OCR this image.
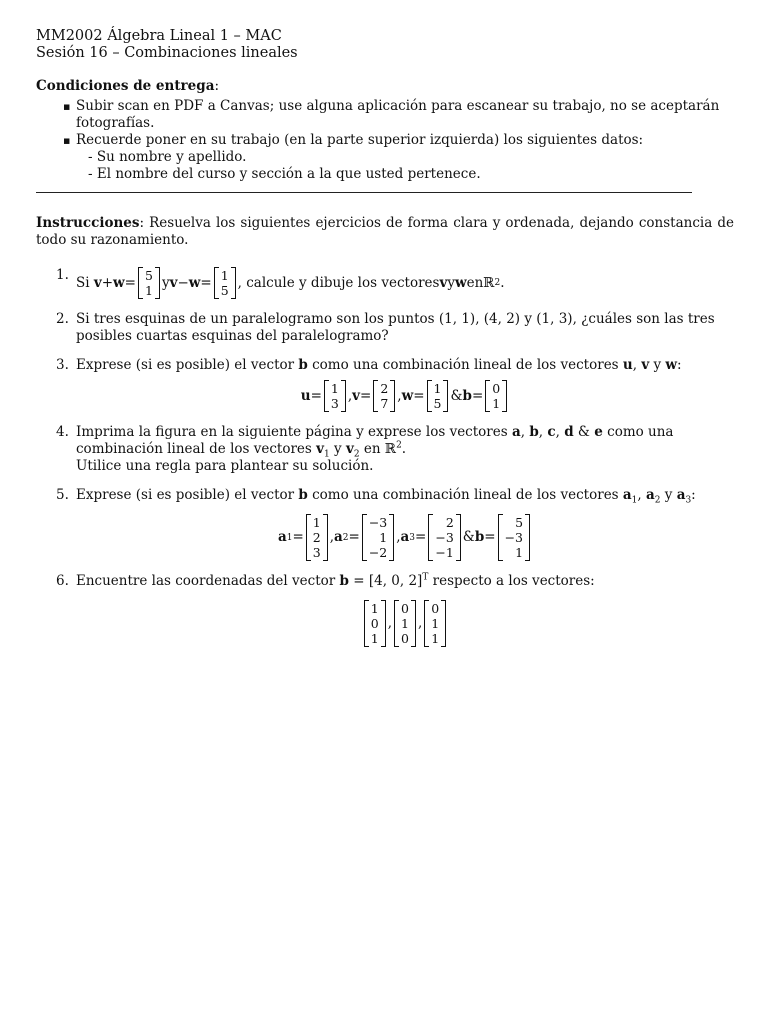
MM2002 Álgebra Lineal 1 – MAC
Sesión 16 – Combinaciones lineales
Condiciones de entrega:
▪ Subir scan en PDF a Canvas; use alguna aplicación para escanear su trabajo, no se aceptarán fotografías.
▪ Recuerde poner en su trabajo (en la parte superior izquierda) los siguientes datos:
- Su nombre y apellido.
- El nombre del curso y sección a la que usted pertenece.
Instrucciones: Resuelva los siguientes ejercicios de forma clara y ordenada, dejando constancia de todo su razonamiento.
1. Si
v + w = 5
1 y v − w = 1
5 , calcule y dibuje los vectores v y w en ℝ 2 .
2. Si tres esquinas de un paralelogramo son los puntos (1, 1), (4, 2) y (1, 3), ¿cuáles son las tres posibles cuartas esquinas del paralelogramo?
3. Exprese (si es posible) el vector b como una combinación lineal de los vectores u, v y w:
u = 1
3 , v = 2
7 , w = 1
5 & b = 0
1
4. Imprima la figura en la siguiente página y exprese los vectores a, b, c, d & e como una combinación lineal de los vectores $v_1$ y $v_2$ en ℝ$^2$.
Utilice una regla para plantear su solución.
5. Exprese (si es posible) el vector b como una combinación lineal de los vectores $a_1$, $a_2$ y $a_3$:
a 1 =
1
2
3
, a 2 =
−3
1
−2
, a 3 =
2
−3
−1
& b =
5
−3
1
6. Encuentre las coordenadas del vector b = [4, 0, 2]$^T$ respecto a los vectores:
1
0
1
,
0
1
0
,
0
1
1
